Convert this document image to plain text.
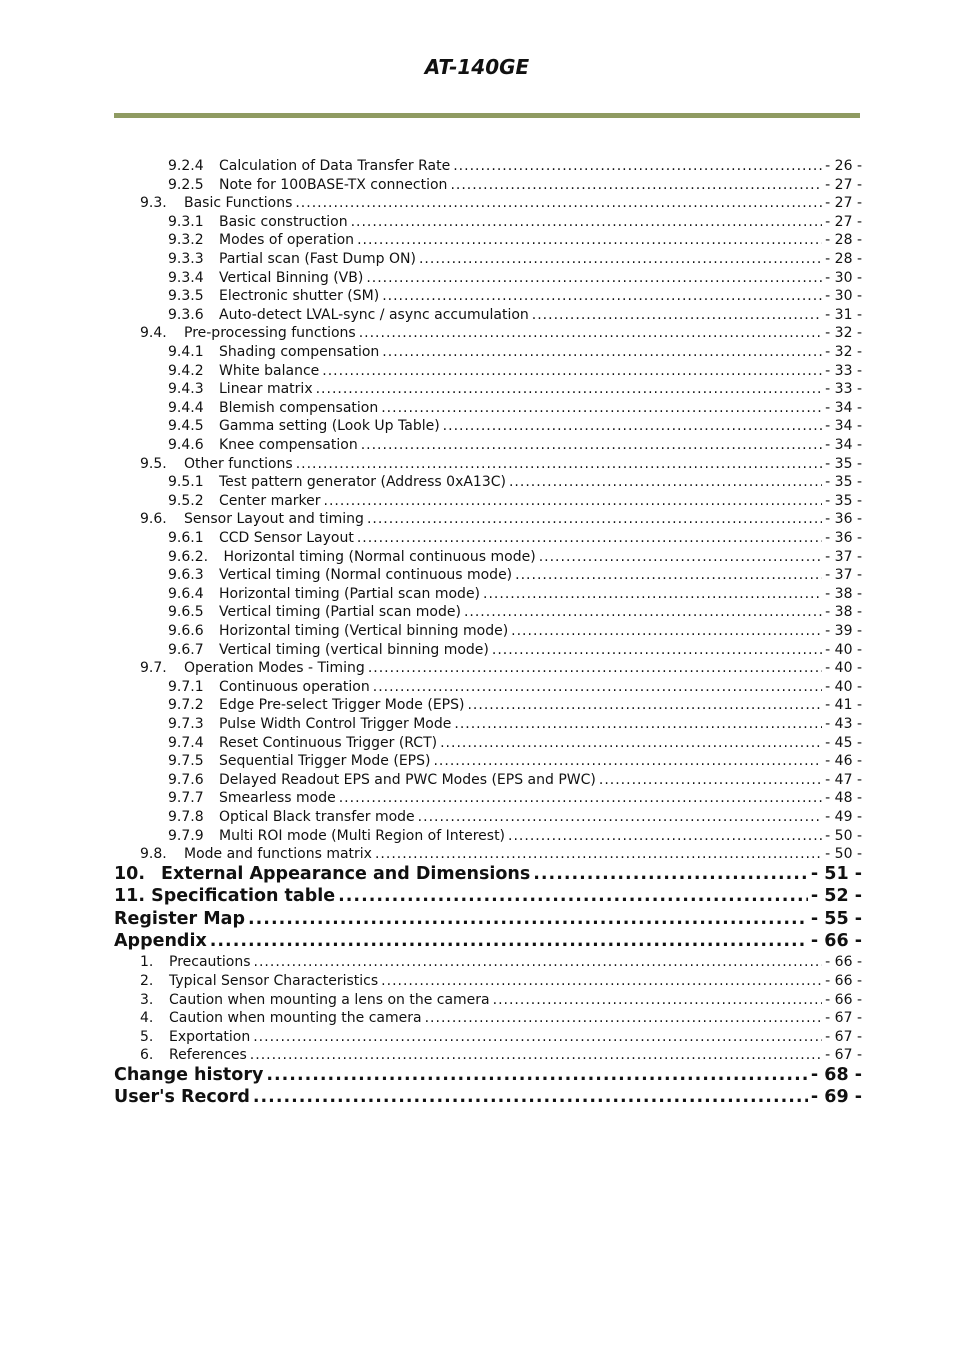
AT-140GE
9.2.4	Calculation of Data Transfer Rate .....	- 26 -
9.2.5	Note for 100BASE-TX connection .....	- 27 -
9.3.	Basic Functions .....	- 27 -
9.3.1	Basic construction .....	- 27 -
9.3.2	Modes of operation .....	- 28 -
9.3.3	Partial scan (Fast Dump ON) .....	- 28 -
9.3.4	Vertical Binning (VB) .....	- 30 -
9.3.5	Electronic shutter (SM) .....	- 30 -
9.3.6	Auto-detect LVAL-sync / async accumulation .....	- 31 -
9.4.	Pre-processing functions .....	- 32 -
9.4.1	Shading compensation .....	- 32 -
9.4.2	White balance .....	- 33 -
9.4.3	Linear matrix .....	- 33 -
9.4.4	Blemish compensation .....	- 34 -
9.4.5	Gamma setting (Look Up Table) .....	- 34 -
9.4.6	Knee compensation .....	- 34 -
9.5.	Other functions .....	- 35 -
9.5.1	Test pattern generator (Address 0xA13C) .....	- 35 -
9.5.2	Center marker .....	- 35 -
9.6.	Sensor Layout and timing .....	- 36 -
9.6.1	CCD Sensor Layout .....	- 36 -
9.6.2. Horizontal timing (Normal continuous mode) .....	- 37 -
9.6.3	Vertical timing (Normal continuous mode) .....	- 37 -
9.6.4	Horizontal timing (Partial scan mode) .....	- 38 -
9.6.5	Vertical timing (Partial scan mode) .....	- 38 -
9.6.6	Horizontal timing (Vertical binning mode) .....	- 39 -
9.6.7	Vertical timing (vertical binning mode) .....	- 40 -
9.7.	Operation Modes - Timing .....	- 40 -
9.7.1	Continuous operation .....	- 40 -
9.7.2	Edge Pre-select Trigger Mode (EPS) .....	- 41 -
9.7.3	Pulse Width Control Trigger Mode .....	- 43 -
9.7.4	Reset Continuous Trigger (RCT) .....	- 45 -
9.7.5	Sequential Trigger Mode (EPS) .....	- 46 -
9.7.6	Delayed Readout EPS and PWC Modes (EPS and PWC) .....	- 47 -
9.7.7	Smearless mode .....	- 48 -
9.7.8	Optical Black transfer mode .....	- 49 -
9.7.9	Multi ROI mode (Multi Region of Interest) .....	- 50 -
9.8.	Mode and functions matrix .....	- 50 -
10. External Appearance and Dimensions .....	- 51 -
11. Specification table .....	- 52 -
Register Map .....	- 55 -
Appendix .....	- 66 -
1.	Precautions .....	- 66 -
2.	Typical Sensor Characteristics .....	- 66 -
3.	Caution when mounting a lens on the camera .....	- 66 -
4.	Caution when mounting the camera .....	- 67 -
5.	Exportation .....	- 67 -
6.	References .....	- 67 -
Change history .....	- 68 -
User's Record .....	- 69 -
